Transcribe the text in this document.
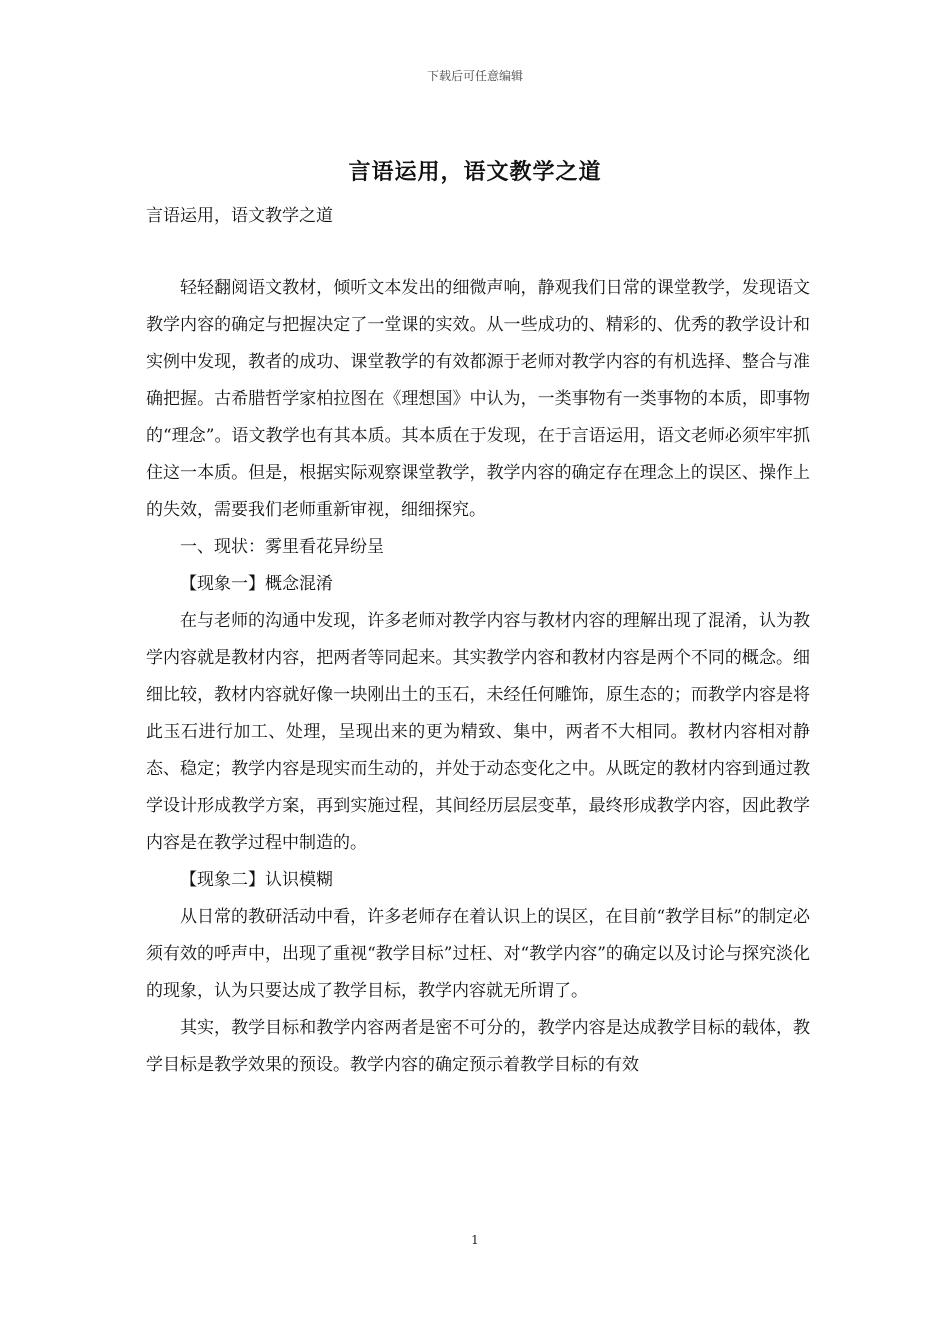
下载后可任意编辑
言语运用，语文教学之道
言语运用，语文教学之道

轻轻翻阅语文教材，倾听文本发出的细微声响，静观我们日常的课堂教学，发现语文教学内容的确定与把握决定了一堂课的实效。从一些成功的、精彩的、优秀的教学设计和实例中发现，教者的成功、课堂教学的有效都源于老师对教学内容的有机选择、整合与准确把握。古希腊哲学家柏拉图在《理想国》中认为，一类事物有一类事物的本质，即事物的“理念”。语文教学也有其本质。其本质在于发现，在于言语运用，语文老师必须牢牢抓住这一本质。但是，根据实际观察课堂教学，教学内容的确定存在理念上的误区、操作上的失效，需要我们老师重新审视，细细探究。

一、现状：雾里看花异纷呈

【现象一】概念混淆

在与老师的沟通中发现，许多老师对教学内容与教材内容的理解出现了混淆，认为教学内容就是教材内容，把两者等同起来。其实教学内容和教材内容是两个不同的概念。细细比较，教材内容就好像一块刚出土的玉石，未经任何雕饰，原生态的；而教学内容是将此玉石进行加工、处理，呈现出来的更为精致、集中，两者不大相同。教材内容相对静态、稳定；教学内容是现实而生动的，并处于动态变化之中。从既定的教材内容到通过教学设计形成教学方案，再到实施过程，其间经历层层变革，最终形成教学内容，因此教学内容是在教学过程中制造的。

【现象二】认识模糊

从日常的教研活动中看，许多老师存在着认识上的误区，在目前“教学目标”的制定必须有效的呼声中，出现了重视“教学目标”过枉、对“教学内容”的确定以及讨论与探究淡化的现象，认为只要达成了教学目标，教学内容就无所谓了。

其实，教学目标和教学内容两者是密不可分的，教学内容是达成教学目标的载体，教学目标是教学效果的预设。教学内容的确定预示着教学目标的有效

1
